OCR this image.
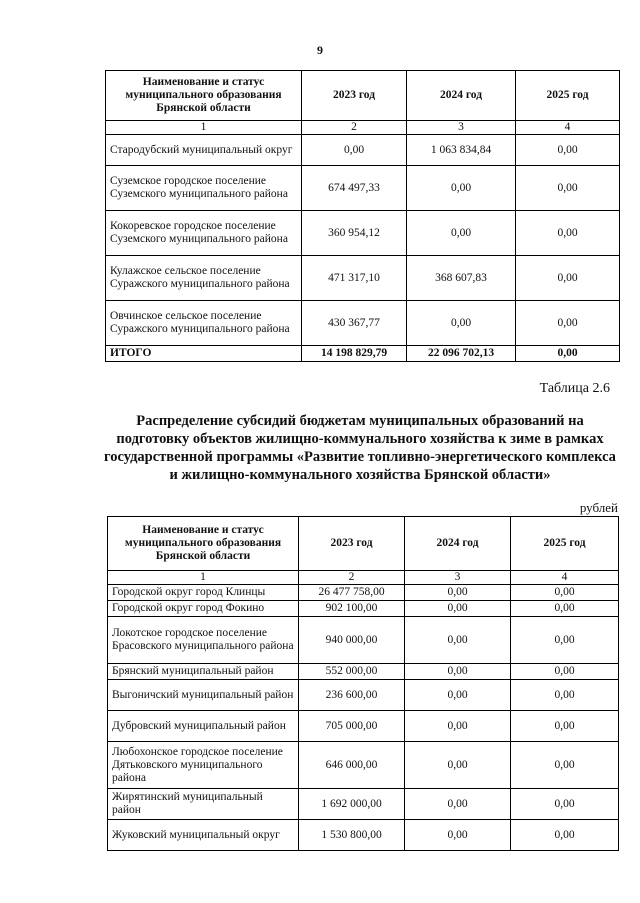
9
Наименование и статус муниципального образования Брянской области	2023 год	2024 год	2025 год
1	2	3	4
Стародубский муниципальный округ	0,00	1 063 834,84	0,00
Суземское городское поселение Суземского муниципального района	674 497,33	0,00	0,00
Кокоревское городское поселение Суземского муниципального района	360 954,12	0,00	0,00
Кулажское сельское поселение Суражского муниципального района	471 317,10	368 607,83	0,00
Овчинское сельское поселение Суражского муниципального района	430 367,77	0,00	0,00
ИТОГО	14 198 829,79	22 096 702,13	0,00
Таблица 2.6
Распределение субсидий бюджетам муниципальных образований на подготовку объектов жилищно-коммунального хозяйства к зиме в рамках государственной программы «Развитие топливно-энергетического комплекса и жилищно-коммунального хозяйства Брянской области»
рублей
Наименование и статус муниципального образования Брянской области	2023 год	2024 год	2025 год
1	2	3	4
Городской округ город Клинцы	26 477 758,00	0,00	0,00
Городской округ город Фокино	902 100,00	0,00	0,00
Локотское городское поселение Брасовского муниципального района	940 000,00	0,00	0,00
Брянский муниципальный район	552 000,00	0,00	0,00
Выгоничский муниципальный район	236 600,00	0,00	0,00
Дубровский муниципальный район	705 000,00	0,00	0,00
Любохонское городское поселение Дятьковского муниципального района	646 000,00	0,00	0,00
Жирятинский муниципальный район	1 692 000,00	0,00	0,00
Жуковский муниципальный округ	1 530 800,00	0,00	0,00
